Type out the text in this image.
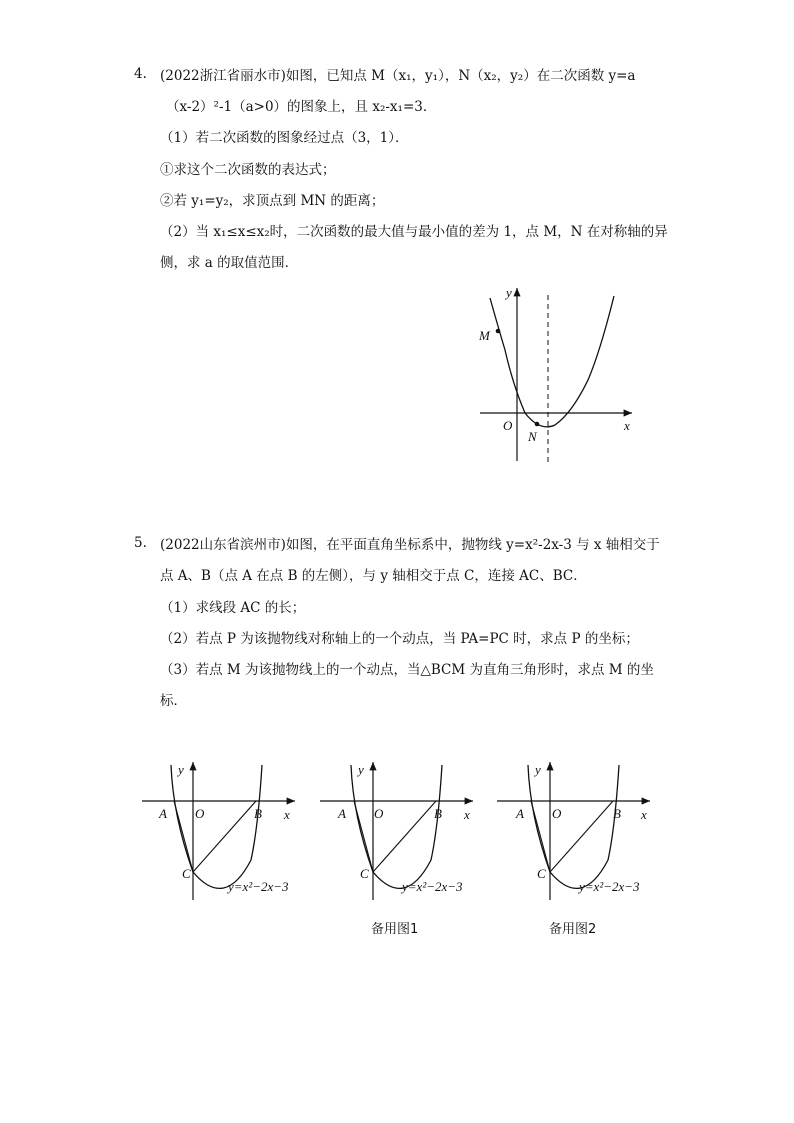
4. (2022浙江省丽水市)如图，已知点 M（x₁，y₁），N（x₂，y₂）在二次函数 y=a
（x-2）²-1（a>0）的图象上，且 x₂-x₁=3．
（1）若二次函数的图象经过点（3，1）．
①求这个二次函数的表达式；
②若 y₁=y₂，求顶点到 MN 的距离；
（2）当 x₁≤x≤x₂时，二次函数的最大值与最小值的差为 1，点 M，N 在对称轴的异
侧，求 a 的取值范围．
y
x
O
M
N
5. (2022山东省滨州市)如图，在平面直角坐标系中，抛物线 y=x²-2x-3 与 x 轴相交于
点 A、B（点 A 在点 B 的左侧），与 y 轴相交于点 C，连接 AC、BC．
（1）求线段 AC 的长；
（2）若点 P 为该抛物线对称轴上的一个动点，当 PA=PC 时，求点 P 的坐标；
（3）若点 M 为该抛物线上的一个动点，当△BCM 为直角三角形时，求点 M 的坐
标．
y
x
O
A	B
C
y=x²−2x−3
y
x
O
A	B
C
y=x²−2x−3
备用图1
y
x
O
A	B
C
y=x²−2x−3
备用图2
